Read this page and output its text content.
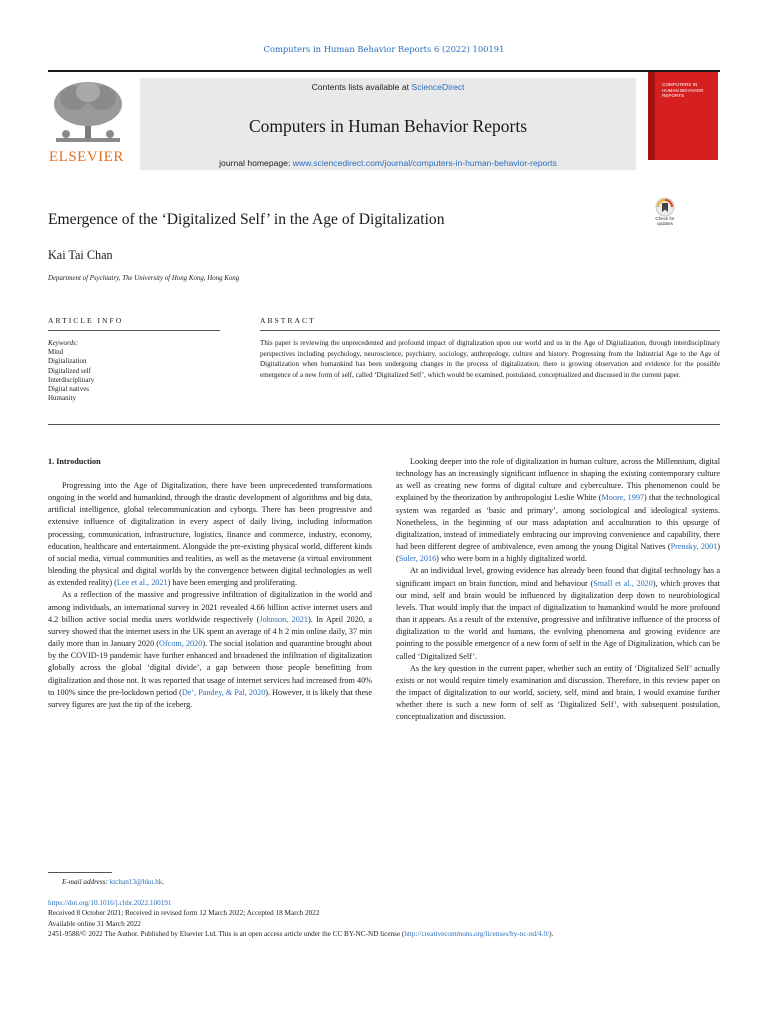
Computers in Human Behavior Reports 6 (2022) 100191
ELSEVIER
Contents lists available at ScienceDirect
Computers in Human Behavior Reports
journal homepage: www.sciencedirect.com/journal/computers-in-human-behavior-reports
COMPUTERS IN
HUMAN BEHAVIOR
REPORTS
Emergence of the ‘Digitalized Self’ in the Age of Digitalization	Check for updates
Kai Tai Chan
Department of Psychiatry, The University of Hong Kong, Hong Kong
ARTICLE INFO
Keywords:
Mind
Digitalization
Digitalized self
Interdisciplinary
Digital natives
Humanity
ABSTRACT
This paper is reviewing the unprecedented and profound impact of digitalization upon our world and us in the Age of Digitalization, through interdisciplinary perspectives including psychology, neuroscience, psychiatry, sociology, anthropology, culture and history. Progressing from the Industrial Age to the Age of Digitalization when humankind has been undergoing changes in the process of digitalization, there is growing observation and evidence for the possible emergence of a new form of self, called ‘Digitalized Self’, which would be examined, postulated, conceptualized and discussed in the current paper.
1. Introduction

Progressing into the Age of Digitalization, there have been unprecedented transformations ongoing in the world and humankind, through the drastic development of algorithms and big data, artificial intelligence, global telecommunication and cyborgs. There has been progressive and extensive influence of digitalization in every aspect of daily living, including information processing, communication, infrastructure, logistics, finance and commerce, industry, economy, education, healthcare and entertainment. Alongside the pre-existing physical world, different kinds of social media, virtual communities and realities, as well as the metaverse (a virtual environment blending the physical and digital worlds by the convergence between digital technologies as well as extended reality) (Lee et al., 2021) have been emerging and proliferating.

As a reflection of the massive and progressive infiltration of digitalization in the world and among individuals, an international survey in 2021 revealed 4.66 billion active internet users and 4.2 billion active social media users worldwide respectively (Johnson, 2021). In April 2020, a survey showed that the internet users in the UK spent an average of 4 h 2 min online daily, 37 min daily more than in January 2020 (Ofcom, 2020). The social isolation and quarantine brought about by the COVID-19 pandemic have further enhanced and broadened the infiltration of digitalization globally across the global ‘digital divide’, a gap between those people benefitting from digitalization and those not. It was reported that usage of internet services had increased from 40% to 100% since the pre-lockdown period (De’, Pandey, & Pal, 2020). However, it is likely that these survey figures are just the tip of the iceberg.

Looking deeper into the role of digitalization in human culture, across the Millennium, digital technology has an increasingly significant influence in shaping the existing contemporary culture as well as creating new forms of digital culture and cyberculture. This phenomenon could be explained by the theorization by anthropologist Leslie White (Moore, 1997) that the technological system was regarded as ‘basic and primary’, among sociological and ideological systems. Nonetheless, in the beginning of our mass adaptation and acculturation to this upsurge of digitalization, instead of immediately embracing our improving convenience and capability, there had been different degree of ambivalence, even among the young Digital Natives (Prensky, 2001) (Suler, 2016) who were born in a highly digitalized world.

At an individual level, growing evidence has already been found that digital technology has a significant impact on brain function, mind and behaviour (Small et al., 2020), which proves that our mind, self and brain would be influenced by digitalization deep down to neurobiological levels. That would imply that the impact of digitalization to humankind would be more profound than it appears. As a result of the extensive, progressive and infiltrative influence of the process of digitalization to the world and humans, the evolving phenomena and growing evidence are pointing to the possible emergence of a new form of self in the Age of Digitalization, which can be called ‘Digitalized Self’.

As the key question in the current paper, whether such an entity of ‘Digitalized Self’ actually exists or not would require timely examination and discussion. Therefore, in this review paper on the impact of digitalization to our world, society, self, mind and brain, I would examine further whether there is such a new form of self as ‘Digitalized Self’, with subsequent postulation, conceptualization and discussion.

E-mail address: ktchan13@hku.hk.
https://doi.org/10.1016/j.chbr.2022.100191
Received 8 October 2021; Received in revised form 12 March 2022; Accepted 18 March 2022
Available online 31 March 2022
2451-9588/© 2022 The Author. Published by Elsevier Ltd. This is an open access article under the CC BY-NC-ND license (http://creativecommons.org/licenses/by-nc-nd/4.0/).
